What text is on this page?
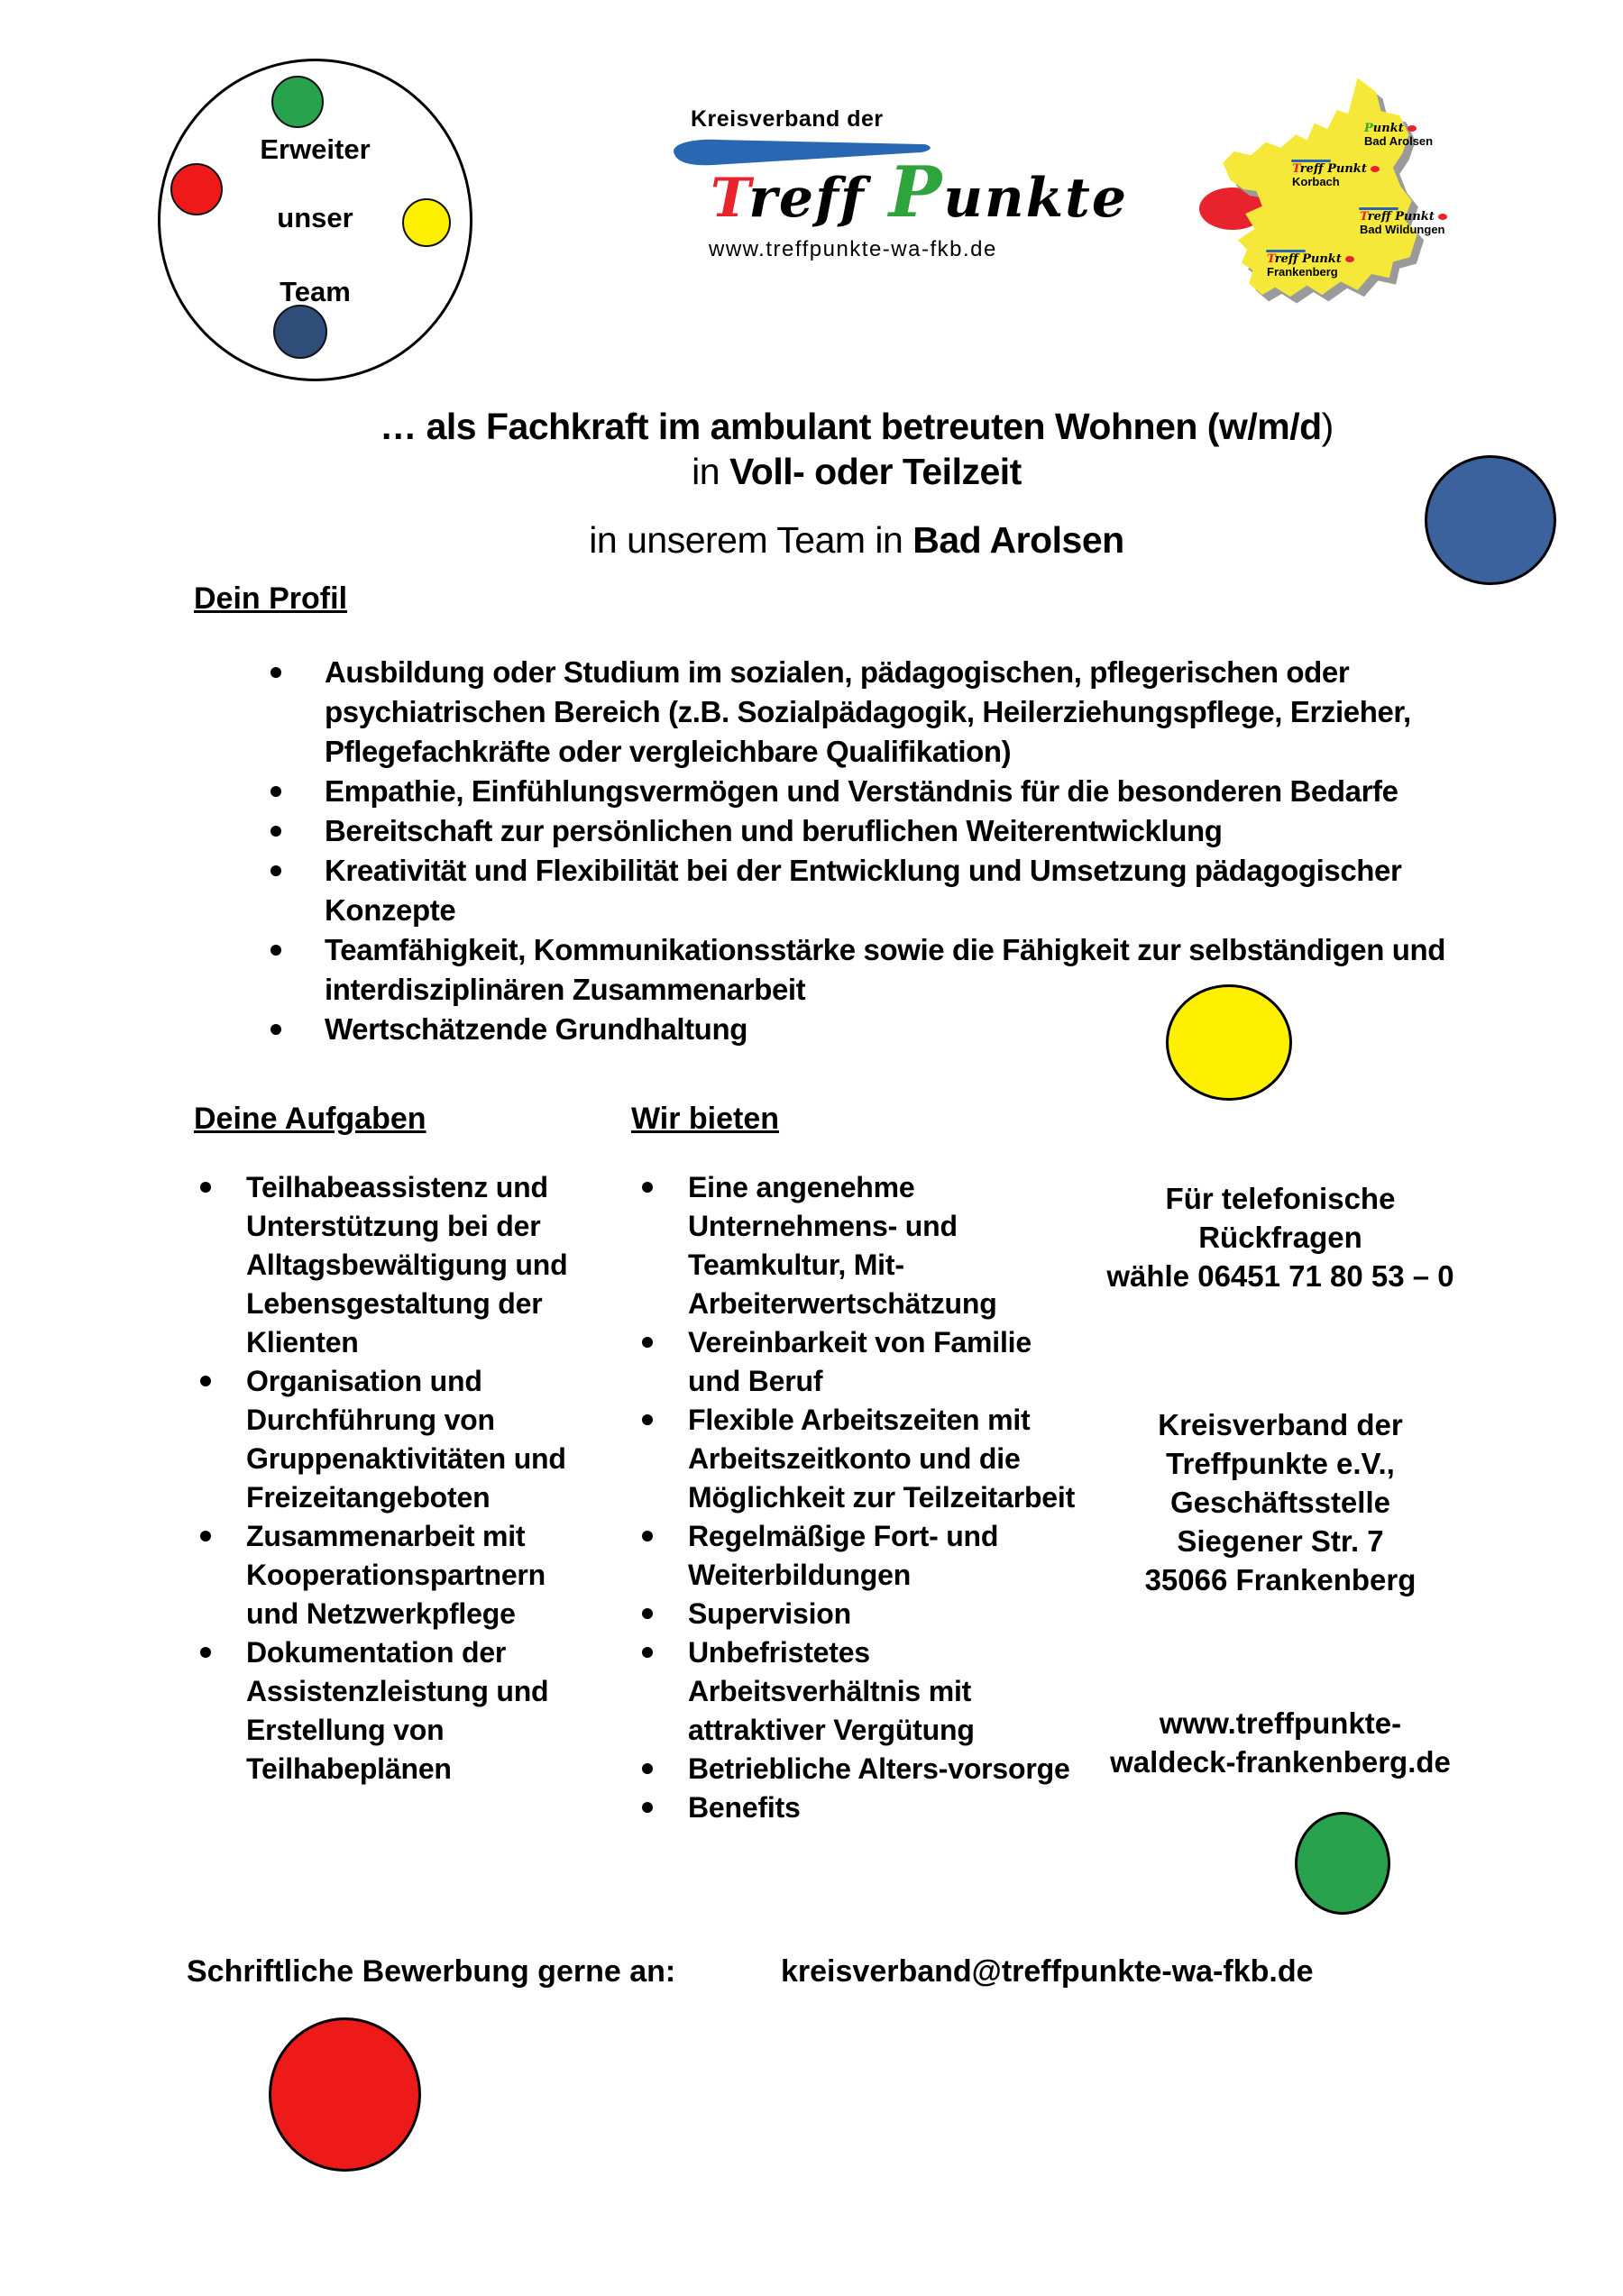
Erweiter
unser
Team
Kreisverband der
Treff Punkte
www.treffpunkte-wa-fkb.de
Punkt
Bad Arolsen
Treff Punkt
Korbach
Treff Punkt
Bad Wildungen
Treff Punkt
Frankenberg
… als Fachkraft im ambulant betreuten Wohnen (w/m/d)
in Voll- oder Teilzeit
in unserem Team in Bad Arolsen
Dein Profil
Ausbildung oder Studium im sozialen, pädagogischen, pflegerischen oder psychiatrischen Bereich (z.B. Sozialpädagogik, Heilerziehungspflege, Erzieher, Pflegefachkräfte oder vergleichbare Qualifikation)
Empathie, Einfühlungsvermögen und Verständnis für die besonderen Bedarfe
Bereitschaft zur persönlichen und beruflichen Weiterentwicklung
Kreativität und Flexibilität bei der Entwicklung und Umsetzung pädagogischer Konzepte
Teamfähigkeit, Kommunikationsstärke sowie die Fähigkeit zur selbständigen und interdisziplinären Zusammenarbeit
Wertschätzende Grundhaltung
Deine Aufgaben
Teilhabeassistenz und Unterstützung bei der Alltagsbewältigung und Lebensgestaltung der Klienten
Organisation und Durchführung von Gruppenaktivitäten und Freizeitangeboten
Zusammenarbeit mit Kooperationspartnern und Netzwerkpflege
Dokumentation der Assistenzleistung und Erstellung von Teilhabeplänen
Wir bieten
Eine angenehme Unternehmens- und Teamkultur, Mit-Arbeiterwertschätzung
Vereinbarkeit von Familie und Beruf
Flexible Arbeitszeiten mit Arbeitszeitkonto und die Möglichkeit zur Teilzeitarbeit
Regelmäßige Fort- und Weiterbildungen
Supervision
Unbefristetes Arbeitsverhältnis mit attraktiver Vergütung
Betriebliche Alters-vorsorge
Benefits
Für telefonische
Rückfragen
wähle 06451 71 80 53 – 0
Kreisverband der
Treffpunkte e.V.,
Geschäftsstelle
Siegener Str. 7
35066 Frankenberg
www.treffpunkte-
waldeck-frankenberg.de
Schriftliche Bewerbung gerne an:	kreisverband@treffpunkte-wa-fkb.de
